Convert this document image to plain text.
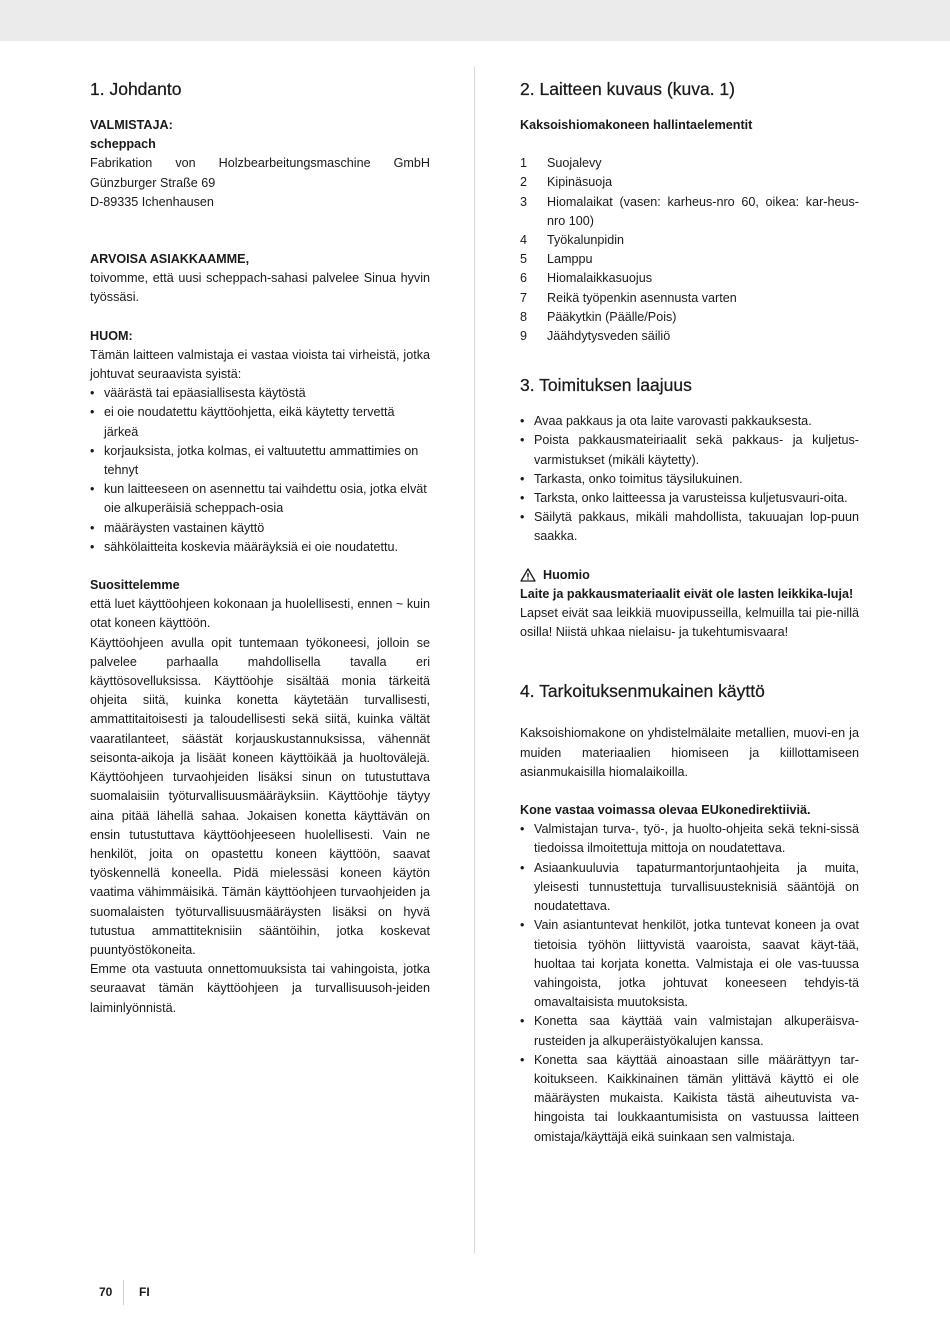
1. Johdanto
VALMISTAJA:
scheppach
Fabrikation von Holzbearbeitungsmaschine GmbH
Günzburger Straße 69
D-89335 Ichenhausen
ARVOISA ASIAKKAAMME,

toivomme, että uusi scheppach-sahasi palvelee Sinua hyvin työssäsi.

HUOM:

Tämän laitteen valmistaja ei vastaa vioista tai virheistä, jotka johtuvat seuraavista syistä:

• väärästä tai epäasiallisesta käytöstä
• ei oie noudatettu käyttöohjetta, eikä käytetty tervettä järkeä
• korjauksista, jotka kolmas, ei valtuutettu ammattimies on tehnyt
• kun laitteeseen on asennettu tai vaihdettu osia, jotka elvät oie alkuperäisiä scheppach-osia
• määräysten vastainen käyttö
• sähkölaitteita koskevia määräyksiä ei oie noudatettu.
Suosittelemme

että luet käyttöohjeen kokonaan ja huolellisesti, ennen ~ kuin otat koneen käyttöön.

Käyttöohjeen avulla opit tuntemaan työkoneesi, jolloin se palvelee parhaalla mahdollisella tavalla eri käyttösovelluksissa. Käyttöohje sisältää monia tärkeitä ohjeita siitä, kuinka konetta käytetään turvallisesti, ammattitaitoisesti ja taloudellisesti sekä siitä, kuinka vältät vaaratilanteet, säästät korjauskustannuksissa, vähennät seisonta-aikoja ja lisäät koneen käyttöikää ja huoltovälejä. Käyttöohjeen turvaohjeiden lisäksi sinun on tutustuttava suomalaisiin työturvallisuusmääräyksiin. Käyttöohje täytyy aina pitää lähellä sahaa. Jokaisen konetta käyttävän on ensin tutustuttava käyttöohjeeseen huolellisesti. Vain ne henkilöt, joita on opastettu koneen käyttöön, saavat työskennellä koneella. Pidä mielessäsi koneen käytön vaatima vähimmäisikä. Tämän käyttöohjeen turvaohjeiden ja suomalaisten työturvallisuusmääräysten lisäksi on hyvä tutustua ammattiteknisiin sääntöihin, jotka koskevat puuntyöstökoneita.

Emme ota vastuuta onnettomuuksista tai vahingoista, jotka seuraavat tämän käyttöohjeen ja turvallisuusoh-jeiden laiminlyönnistä.

2. Laitteen kuvaus (kuva. 1)
Kaksoishiomakoneen hallintaelementit
1	Suojalevy
2	Kipinäsuoja
3	Hiomalaikat (vasen: karheus-nro 60, oikea: kar-heus-nro 100)
4	Työkalunpidin
5	Lamppu
6	Hiomalaikkasuojus
7	Reikä työpenkin asennusta varten
8	Pääkytkin (Päälle/Pois)
9	Jäähdytysveden säiliö
3. Toimituksen laajuus
• Avaa pakkaus ja ota laite varovasti pakkauksesta.
• Poista pakkausmateiriaalit sekä pakkaus- ja kuljetus-varmistukset (mikäli käytetty).
• Tarkasta, onko toimitus täysilukuinen.
• Tarksta, onko laitteessa ja varusteissa kuljetusvauri-oita.
• Säilytä pakkaus, mikäli mahdollista, takuuajan lop-puun saakka.
Huomio

Laite ja pakkausmateriaalit eivät ole lasten leikkika-luja!

Lapset eivät saa leikkiä muovipusseilla, kelmuilla tai pie-nillä osilla! Niistä uhkaa nielaisu- ja tukehtumisvaara!

4. Tarkoituksenmukainen käyttö

Kaksoishiomakone on yhdistelmälaite metallien, muovi-en ja muiden materiaalien hiomiseen ja kiillottamiseen asianmukaisilla hiomalaikoilla.

Kone vastaa voimassa olevaa EUkonedirektiiviä.
• Valmistajan turva-, työ-, ja huolto-ohjeita sekä tekni-sissä tiedoissa ilmoitettuja mittoja on noudatettava.
• Asiaankuuluvia tapaturmantorjuntaohjeita ja muita, yleisesti tunnustettuja turvallisuusteknisiä sääntöjä on noudatettava.
• Vain asiantuntevat henkilöt, jotka tuntevat koneen ja ovat tietoisia työhön liittyvistä vaaroista, saavat käyt-tää, huoltaa tai korjata konetta. Valmistaja ei ole vas-tuussa vahingoista, jotka johtuvat koneeseen tehdyis-tä omavaltaisista muutoksista.
• Konetta saa käyttää vain valmistajan alkuperäisva-rusteiden ja alkuperäistyökalujen kanssa.
• Konetta saa käyttää ainoastaan sille määrättyyn tar-koitukseen. Kaikkinainen tämän ylittävä käyttö ei ole määräysten mukaista. Kaikista tästä aiheutuvista va-hingoista tai loukkaantumisista on vastuussa laitteen omistaja/käyttäjä eikä suinkaan sen valmistaja.
70 FI
